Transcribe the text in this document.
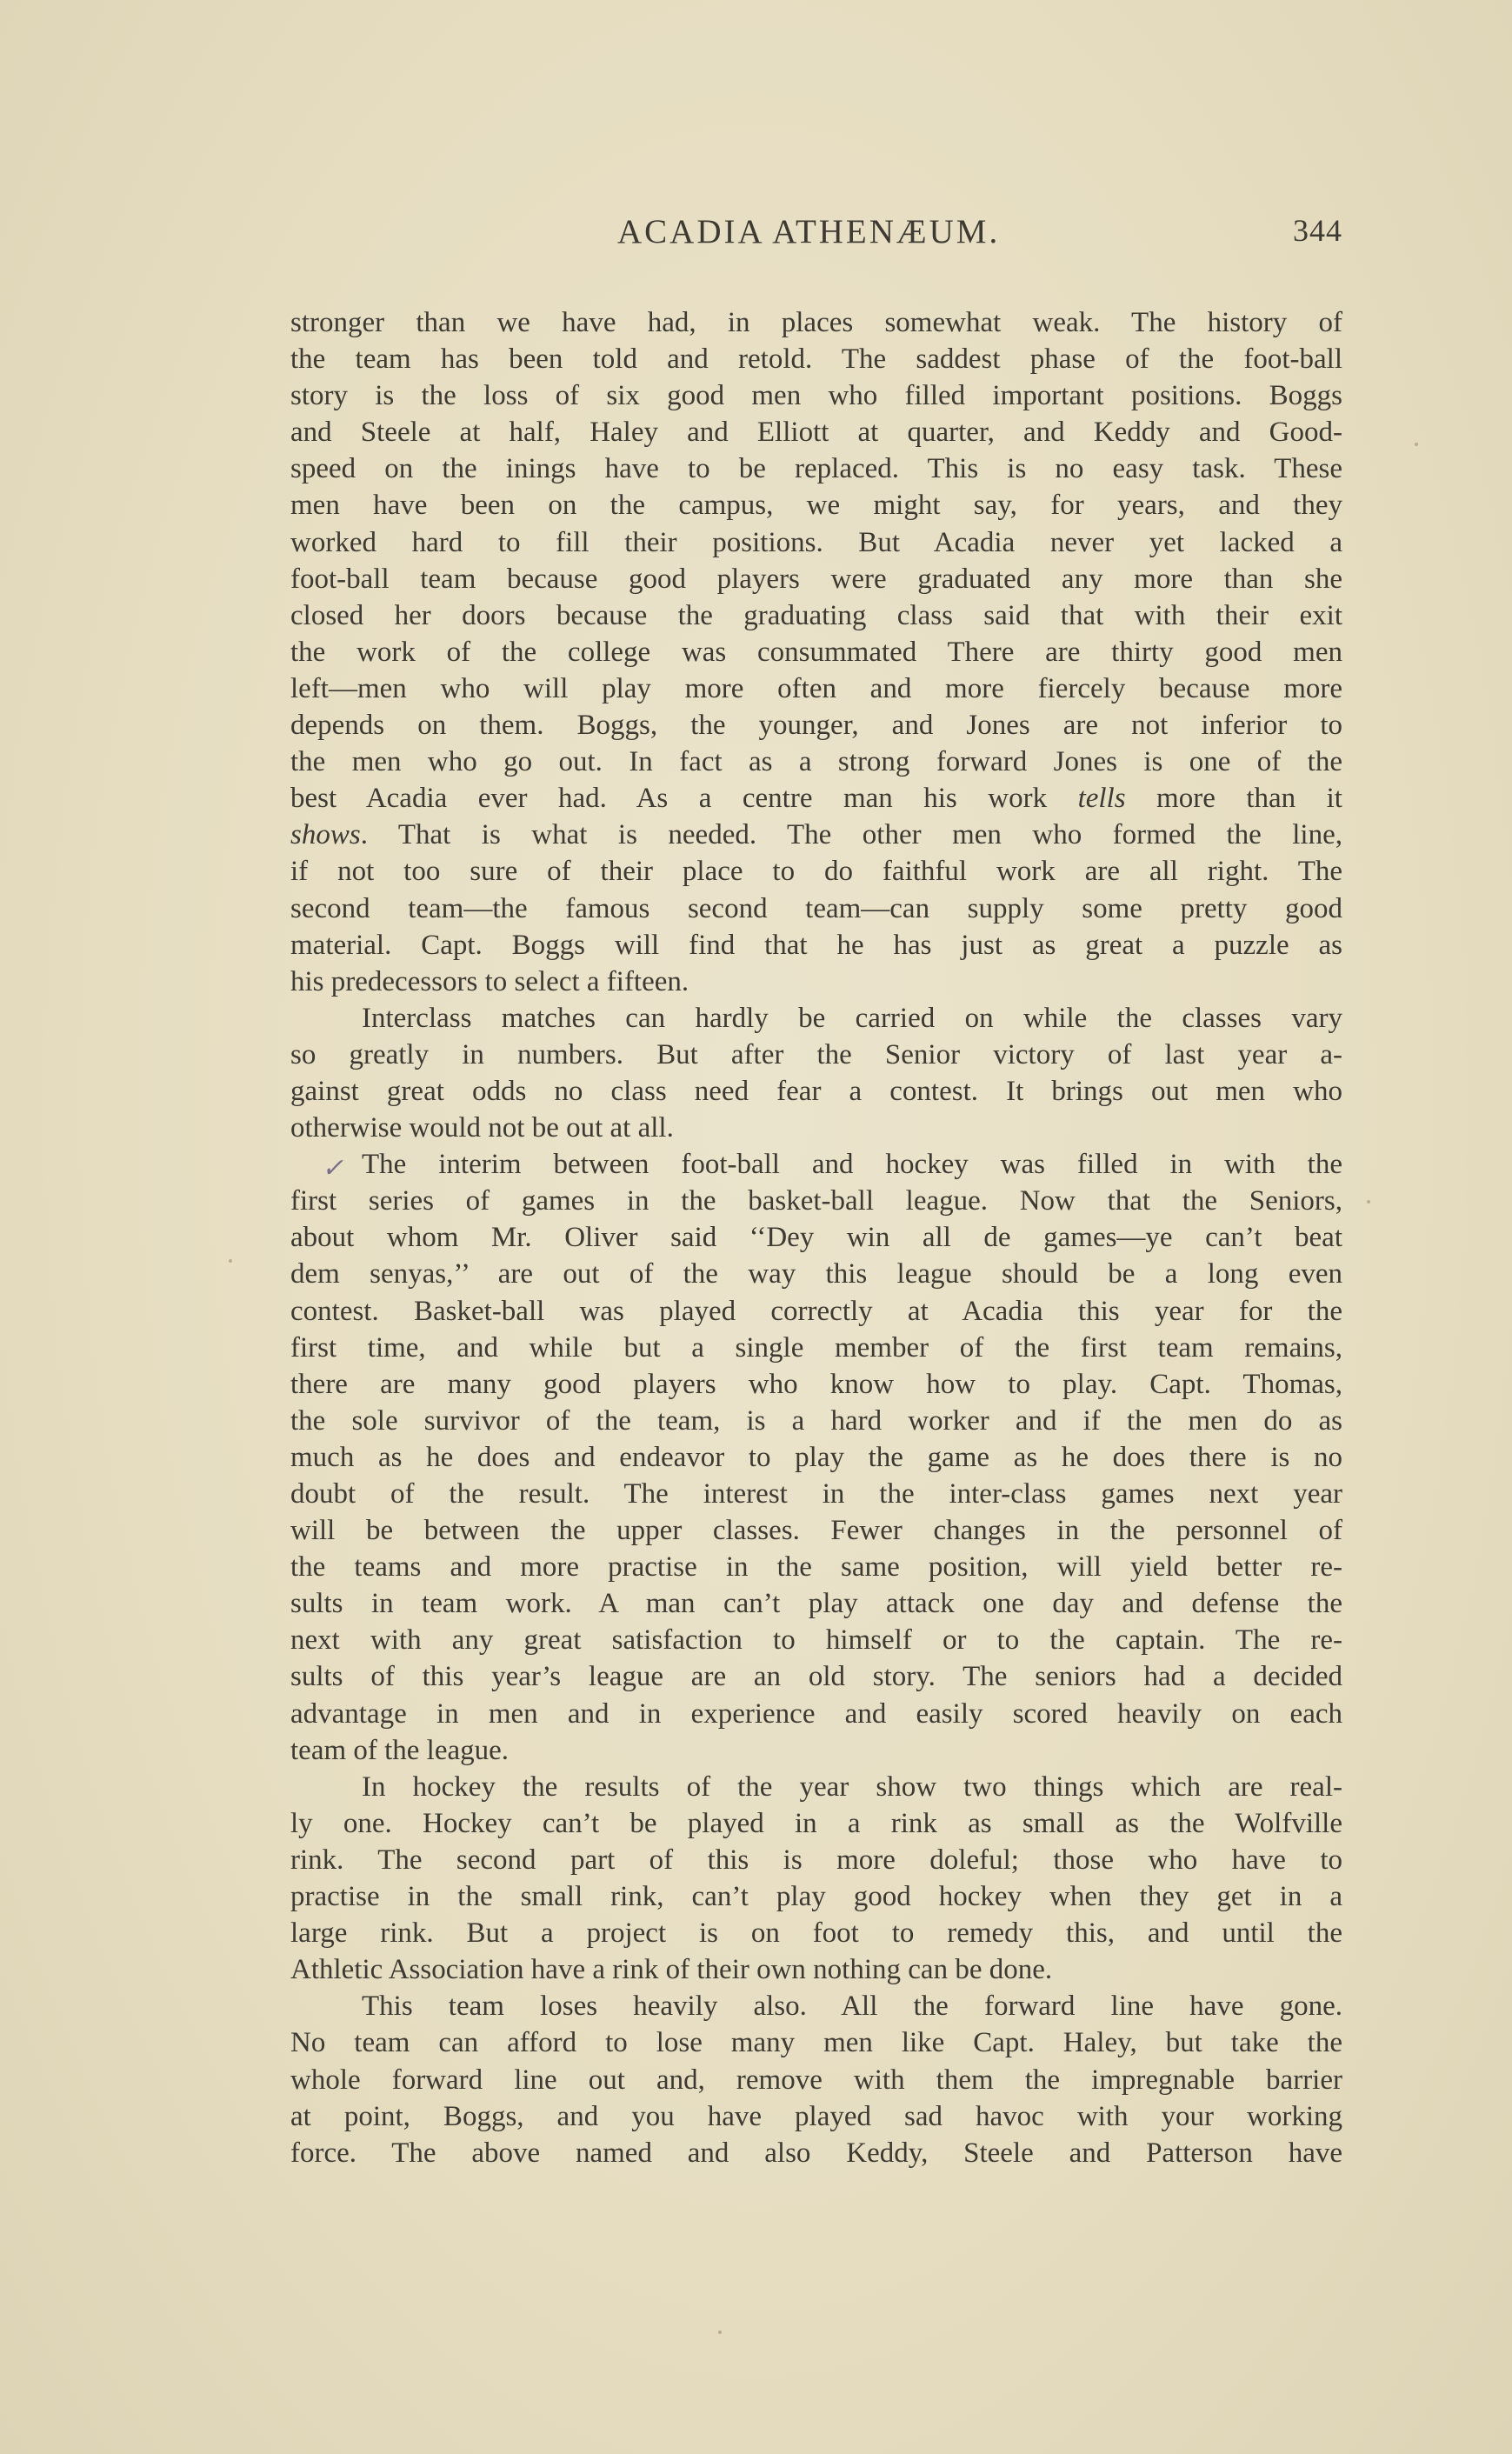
ACADIA ATHENÆUM.	344
✓
stronger than we have had, in places somewhat weak. The history of
the team has been told and retold. The saddest phase of the foot-ball
story is the loss of six good men who filled important positions. Boggs
and Steele at half, Haley and Elliott at quarter, and Keddy and Good-
speed on the inings have to be replaced. This is no easy task. These
men have been on the campus, we might say, for years, and they
worked hard to fill their positions. But Acadia never yet lacked a
foot-ball team because good players were graduated any more than she
closed her doors because the graduating class said that with their exit
the work of the college was consummated There are thirty good men
left—men who will play more often and more fiercely because more
depends on them. Boggs, the younger, and Jones are not inferior to
the men who go out. In fact as a strong forward Jones is one of the
best Acadia ever had. As a centre man his work tells more than it
shows. That is what is needed. The other men who formed the line,
if not too sure of their place to do faithful work are all right. The
second team—the famous second team—can supply some pretty good
material. Capt. Boggs will find that he has just as great a puzzle as
his predecessors to select a fifteen.
Interclass matches can hardly be carried on while the classes vary
so greatly in numbers. But after the Senior victory of last year a-
gainst great odds no class need fear a contest. It brings out men who
otherwise would not be out at all.
The interim between foot-ball and hockey was filled in with the
first series of games in the basket-ball league. Now that the Seniors,
about whom Mr. Oliver said ‘‘Dey win all de games—ye can’t beat
dem senyas,’’ are out of the way this league should be a long even
contest. Basket-ball was played correctly at Acadia this year for the
first time, and while but a single member of the first team remains,
there are many good players who know how to play. Capt. Thomas,
the sole survivor of the team, is a hard worker and if the men do as
much as he does and endeavor to play the game as he does there is no
doubt of the result. The interest in the inter-class games next year
will be between the upper classes. Fewer changes in the personnel of
the teams and more practise in the same position, will yield better re-
sults in team work. A man can’t play attack one day and defense the
next with any great satisfaction to himself or to the captain. The re-
sults of this year’s league are an old story. The seniors had a decided
advantage in men and in experience and easily scored heavily on each
team of the league.
In hockey the results of the year show two things which are real-
ly one. Hockey can’t be played in a rink as small as the Wolfville
rink. The second part of this is more doleful; those who have to
practise in the small rink, can’t play good hockey when they get in a
large rink. But a project is on foot to remedy this, and until the
Athletic Association have a rink of their own nothing can be done.
This team loses heavily also. All the forward line have gone.
No team can afford to lose many men like Capt. Haley, but take the
whole forward line out and, remove with them the impregnable barrier
at point, Boggs, and you have played sad havoc with your working
force. The above named and also Keddy, Steele and Patterson have
